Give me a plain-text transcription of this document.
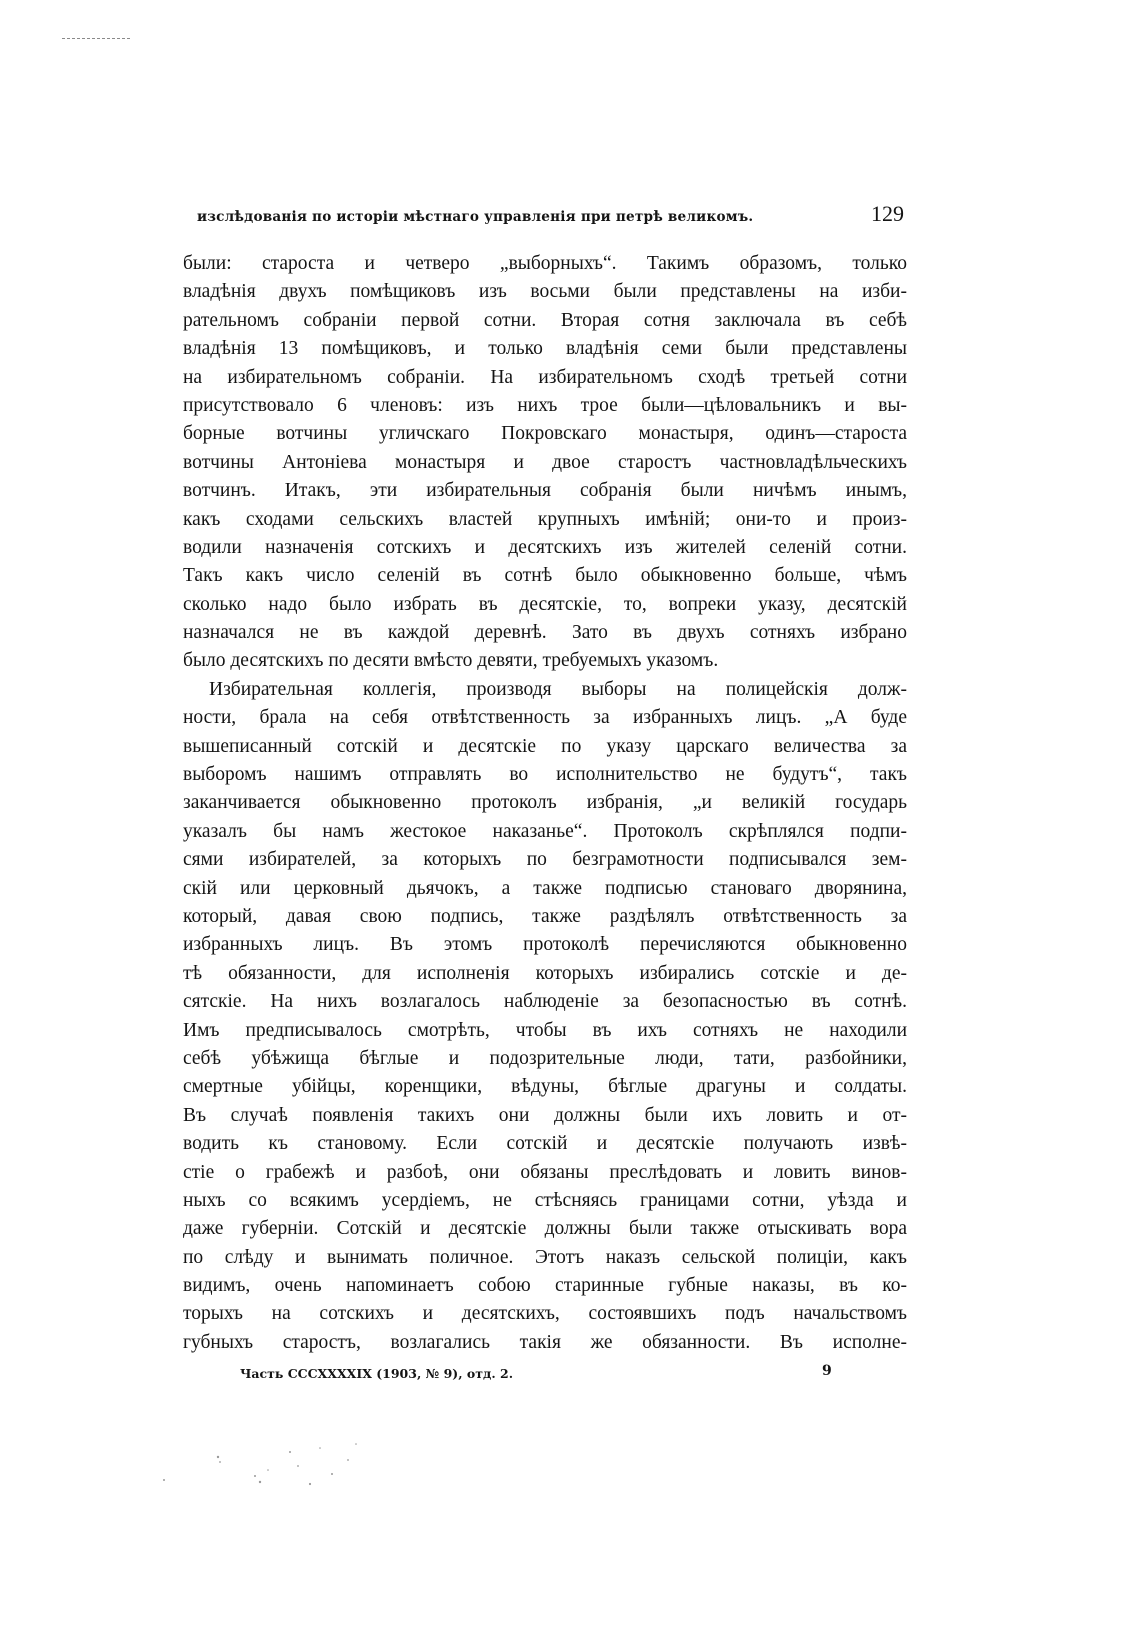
изслѣдованія по исторіи мѣстнаго управленія при петрѣ великомъ.	129
были: староста и четверо „выборныхъ“. Такимъ образомъ, только
владѣнія двухъ помѣщиковъ изъ восьми были представлены на изби-
рательномъ собраніи первой сотни. Вторая сотня заключала въ себѣ
владѣнія 13 помѣщиковъ, и только владѣнія семи были представлены
на избирательномъ собраніи. На избирательномъ сходѣ третьей сотни
присутствовало 6 членовъ: изъ нихъ трое были—цѣловальникъ и вы-
борные вотчины угличскаго Покровскаго монастыря, одинъ—староста
вотчины Антоніева монастыря и двое старостъ частновладѣльческихъ
вотчинъ. Итакъ, эти избирательныя собранія были ничѣмъ инымъ,
какъ сходами сельскихъ властей крупныхъ имѣній; они-то и произ-
водили назначенія сотскихъ и десятскихъ изъ жителей селеній сотни.
Такъ какъ число селеній въ сотнѣ было обыкновенно больше, чѣмъ
сколько надо было избрать въ десятскіе, то, вопреки указу, десятскій
назначался не въ каждой деревнѣ. Зато въ двухъ сотняхъ избрано
было десятскихъ по десяти вмѣсто девяти, требуемыхъ указомъ.
Избирательная коллегія, производя выборы на полицейскія долж-
ности, брала на себя отвѣтственность за избранныхъ лицъ. „А буде
вышеписанный сотскій и десятскіе по указу царскаго величества за
выборомъ нашимъ отправлять во исполнительство не будутъ“, такъ
заканчивается обыкновенно протоколъ избранія, „и великій государь
указалъ бы намъ жестокое наказанье“. Протоколъ скрѣплялся подпи-
сями избирателей, за которыхъ по безграмотности подписывался зем-
скій или церковный дьячокъ, а также подписью становаго дворянина,
который, давая свою подпись, также раздѣлялъ отвѣтственность за
избранныхъ лицъ. Въ этомъ протоколѣ перечисляются обыкновенно
тѣ обязанности, для исполненія которыхъ избирались сотскіе и де-
сятскіе. На нихъ возлагалось наблюденіе за безопасностью въ сотнѣ.
Имъ предписывалось смотрѣть, чтобы въ ихъ сотняхъ не находили
себѣ убѣжища бѣглые и подозрительные люди, тати, разбойники,
смертные убійцы, коренщики, вѣдуны, бѣглые драгуны и солдаты.
Въ случаѣ появленія такихъ они должны были ихъ ловить и от-
водить къ становому. Если сотскій и десятскіе получають извѣ-
стіе о грабежѣ и разбоѣ, они обязаны преслѣдовать и ловить винов-
ныхъ со всякимъ усердіемъ, не стѣсняясь границами сотни, уѣзда и
даже губерніи. Сотскій и десятскіе должны были также отыскивать вора
по слѣду и вынимать поличное. Этотъ наказъ сельской полиціи, какъ
видимъ, очень напоминаетъ собою старинные губные наказы, въ ко-
торыхъ на сотскихъ и десятскихъ, состоявшихъ подъ начальствомъ
губныхъ старостъ, возлагались такія же обязанности. Въ исполне-
Часть CCCXXXXIX (1903, № 9), отд. 2.	9
